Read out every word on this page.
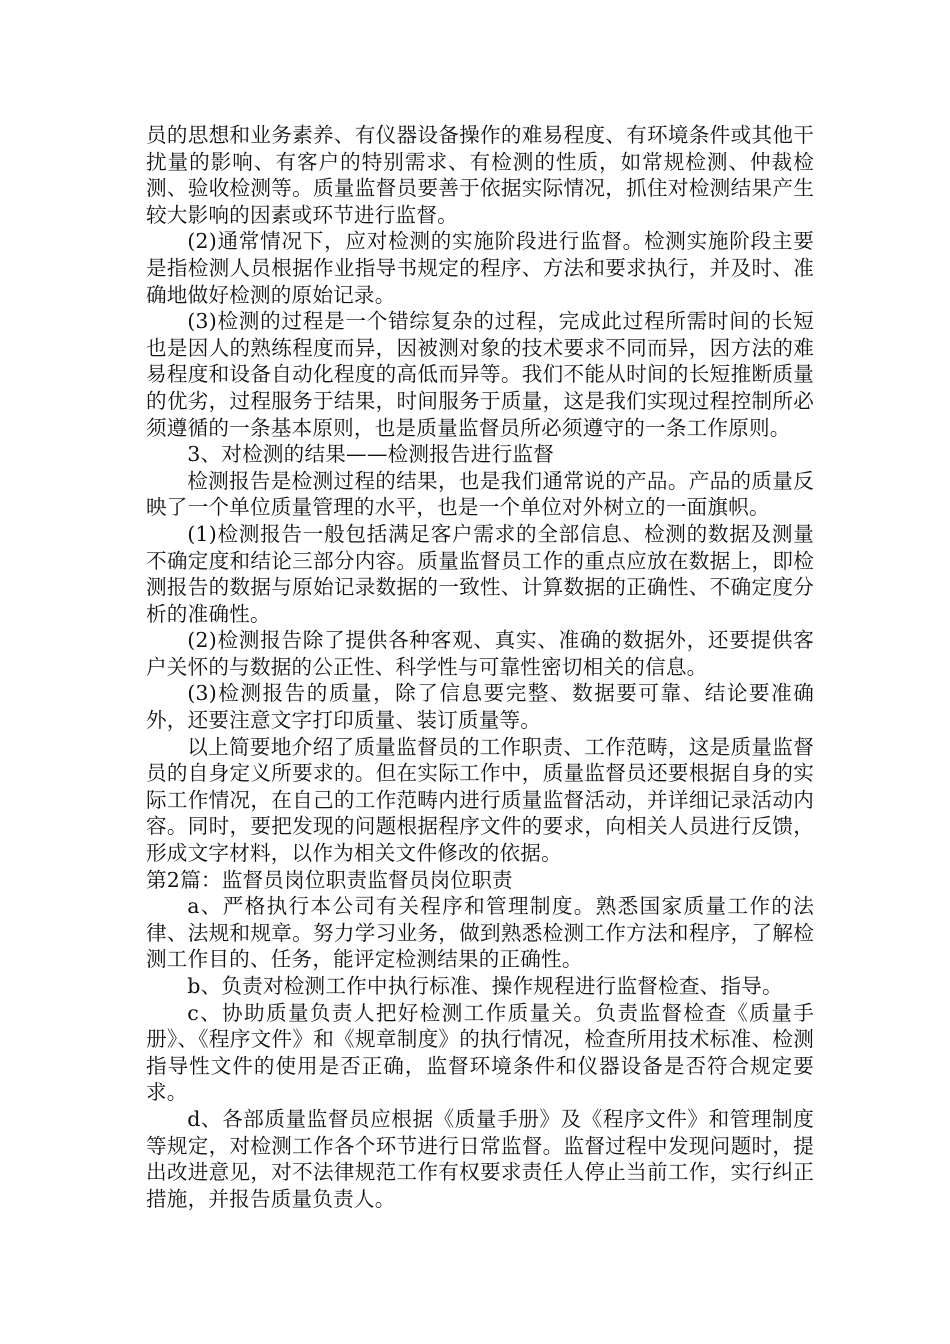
员的思想和业务素养、有仪器设备操作的难易程度、有环境条件或其他干扰量的影响、有客户的特别需求、有检测的性质，如常规检测、仲裁检测、验收检测等。质量监督员要善于依据实际情况，抓住对检测结果产生较大影响的因素或环节进行监督。

(2)通常情况下，应对检测的实施阶段进行监督。检测实施阶段主要是指检测人员根据作业指导书规定的程序、方法和要求执行，并及时、准确地做好检测的原始记录。

(3)检测的过程是一个错综复杂的过程，完成此过程所需时间的长短也是因人的熟练程度而异，因被测对象的技术要求不同而异，因方法的难易程度和设备自动化程度的高低而异等。我们不能从时间的长短推断质量的优劣，过程服务于结果，时间服务于质量，这是我们实现过程控制所必须遵循的一条基本原则，也是质量监督员所必须遵守的一条工作原则。

3、对检测的结果——检测报告进行监督

检测报告是检测过程的结果，也是我们通常说的产品。产品的质量反映了一个单位质量管理的水平，也是一个单位对外树立的一面旗帜。

(1)检测报告一般包括满足客户需求的全部信息、检测的数据及测量不确定度和结论三部分内容。质量监督员工作的重点应放在数据上，即检测报告的数据与原始记录数据的一致性、计算数据的正确性、不确定度分析的准确性。

(2)检测报告除了提供各种客观、真实、准确的数据外，还要提供客户关怀的与数据的公正性、科学性与可靠性密切相关的信息。

(3)检测报告的质量，除了信息要完整、数据要可靠、结论要准确外，还要注意文字打印质量、装订质量等。

以上简要地介绍了质量监督员的工作职责、工作范畴，这是质量监督员的自身定义所要求的。但在实际工作中，质量监督员还要根据自身的实际工作情况，在自己的工作范畴内进行质量监督活动，并详细记录活动内容。同时，要把发现的问题根据程序文件的要求，向相关人员进行反馈，形成文字材料，以作为相关文件修改的依据。

第2篇：监督员岗位职责监督员岗位职责

a、严格执行本公司有关程序和管理制度。熟悉国家质量工作的法律、法规和规章。努力学习业务，做到熟悉检测工作方法和程序，了解检测工作目的、任务，能评定检测结果的正确性。

b、负责对检测工作中执行标准、操作规程进行监督检查、指导。

c、协助质量负责人把好检测工作质量关。负责监督检查《质量手册》、《程序文件》和《规章制度》的执行情况，检查所用技术标准、检测指导性文件的使用是否正确，监督环境条件和仪器设备是否符合规定要求。

d、各部质量监督员应根据《质量手册》及《程序文件》和管理制度等规定，对检测工作各个环节进行日常监督。监督过程中发现问题时，提出改进意见，对不法律规范工作有权要求责任人停止当前工作，实行纠正措施，并报告质量负责人。
